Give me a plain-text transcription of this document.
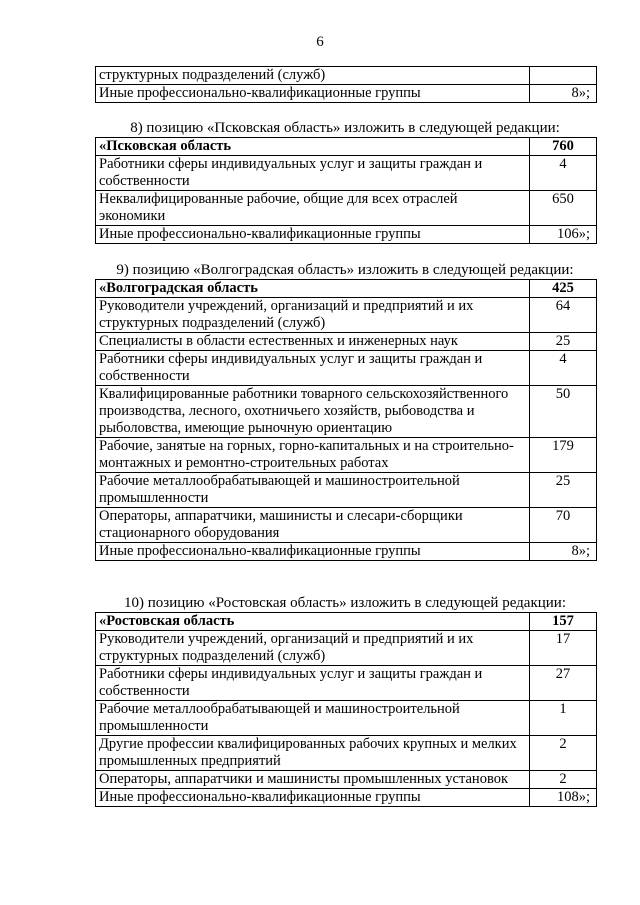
6
структурных подразделений (служб)	
Иные профессионально-квалификационные группы	8»;
8) позицию «Псковская область» изложить в следующей редакции:
«Псковская область	760
Работники сферы индивидуальных услуг и защиты граждан и собственности	4
Неквалифицированные рабочие, общие для всех отраслей экономики	650
Иные профессионально-квалификационные группы	106»;
9) позицию «Волгоградская область» изложить в следующей редакции:
«Волгоградская область	425
Руководители учреждений, организаций и предприятий и их структурных подразделений (служб)	64
Специалисты в области естественных и инженерных наук	25
Работники сферы индивидуальных услуг и защиты граждан и собственности	4
Квалифицированные работники товарного сельскохозяйственного производства, лесного, охотничьего хозяйств, рыбоводства и рыболовства, имеющие рыночную ориентацию	50
Рабочие, занятые на горных, горно-капитальных и на строительно-монтажных и ремонтно-строительных работах	179
Рабочие металлообрабатывающей и машиностроительной промышленности	25
Операторы, аппаратчики, машинисты и слесари-сборщики стационарного оборудования	70
Иные профессионально-квалификационные группы	8»;
10) позицию «Ростовская область» изложить в следующей редакции:
«Ростовская область	157
Руководители учреждений, организаций и предприятий и их структурных подразделений (служб)	17
Работники сферы индивидуальных услуг и защиты граждан и собственности	27
Рабочие металлообрабатывающей и машиностроительной промышленности	1
Другие профессии квалифицированных рабочих крупных и мелких промышленных предприятий	2
Операторы, аппаратчики и машинисты промышленных установок	2
Иные профессионально-квалификационные группы	108»;
